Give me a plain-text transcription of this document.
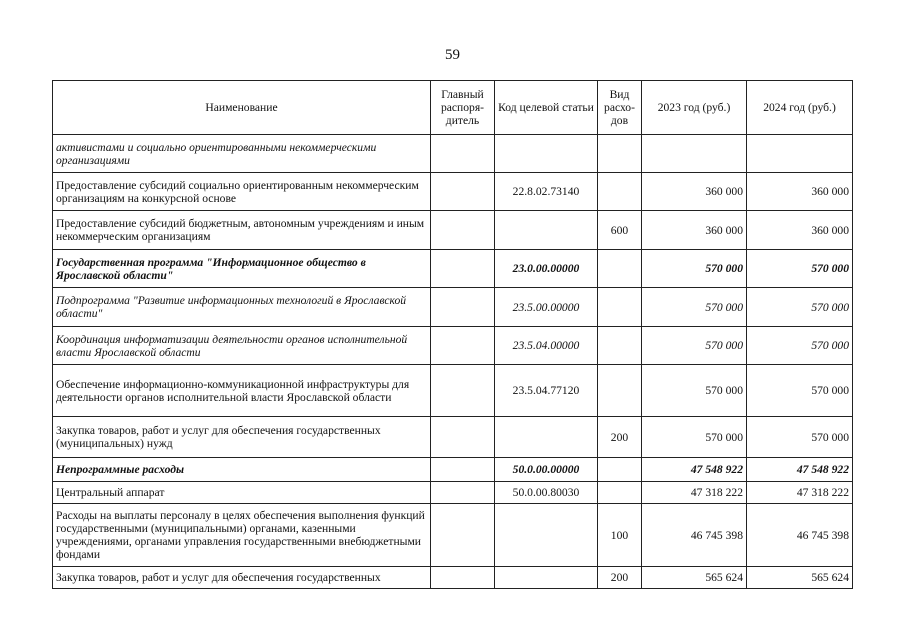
59
Наименование	Главный распоря-дитель	Код целевой статьи	Вид расхо-дов	2023 год (руб.)	2024 год (руб.)
активистами и социально ориентированными некоммерческими организациями					
Предоставление субсидий социально ориентированным некоммерческим организациям на конкурсной основе		22.8.02.73140		360 000	360 000
Предоставление субсидий бюджетным, автономным учреждениям и иным некоммерческим организациям			600	360 000	360 000
Государственная программа "Информационное общество в Ярославской области"		23.0.00.00000		570 000	570 000
Подпрограмма "Развитие информационных технологий в Ярославской области"		23.5.00.00000		570 000	570 000
Координация информатизации деятельности органов исполнительной власти Ярославской области		23.5.04.00000		570 000	570 000
Обеспечение информационно-коммуникационной инфраструктуры для деятельности органов исполнительной власти Ярославской области		23.5.04.77120		570 000	570 000
Закупка товаров, работ и услуг для обеспечения государственных (муниципальных) нужд			200	570 000	570 000
Непрограммные расходы		50.0.00.00000		47 548 922	47 548 922
Центральный аппарат		50.0.00.80030		47 318 222	47 318 222
Расходы на выплаты персоналу в целях обеспечения выполнения функций государственными (муниципальными) органами, казенными учреждениями, органами управления государственными внебюджетными фондами			100	46 745 398	46 745 398
Закупка товаров, работ и услуг для обеспечения государственных			200	565 624	565 624
